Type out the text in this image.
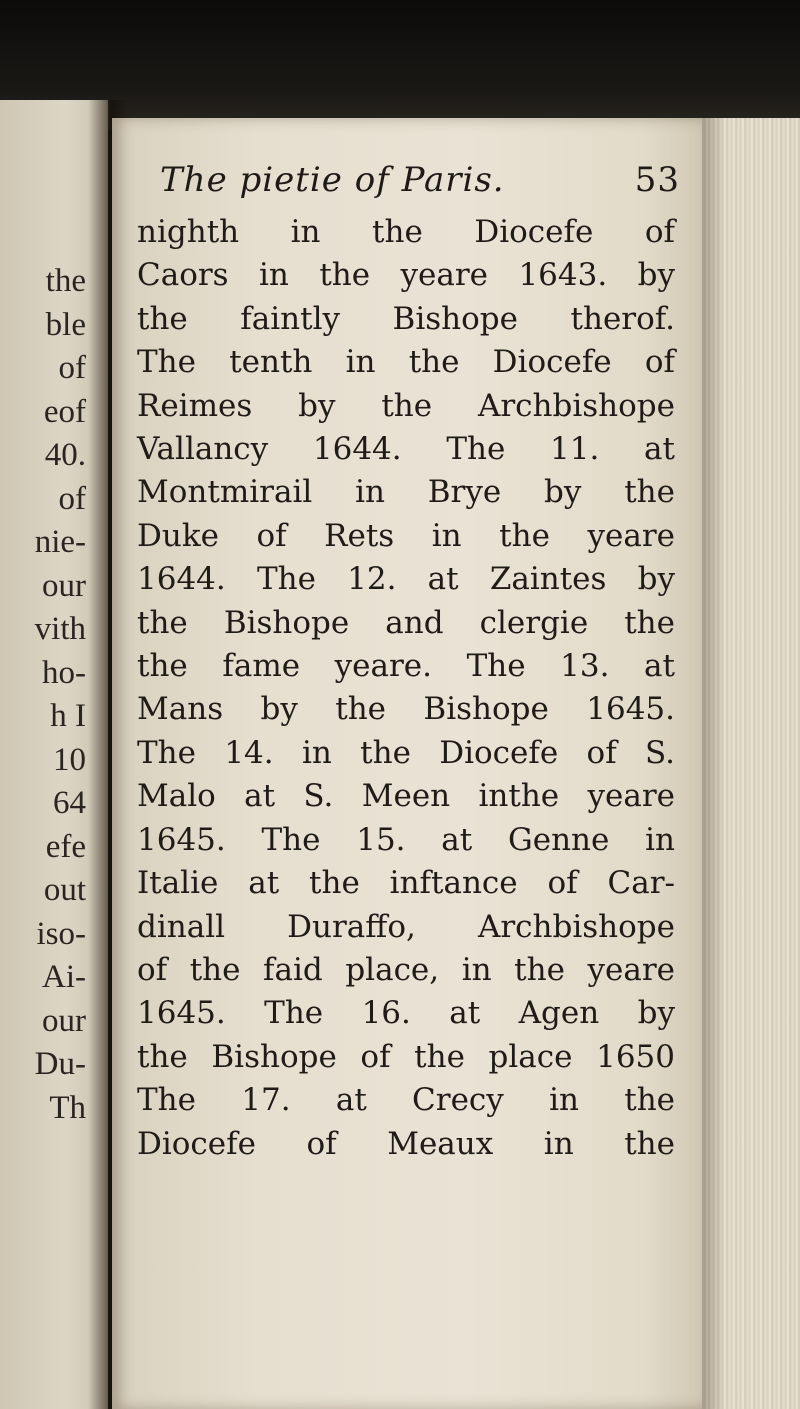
the
ble
of
eof
40.
of
nie-
our
vith
ho-
h I
10
64
efe
out
iso-
Ai-
our
Du-
Th
The pietie of Paris.	53
nighth in the Diocefe of
Caors in the yeare 1643. by
the faintly Bishope therof.
The tenth in the Diocefe of
Reimes by the Archbishope
Vallancy 1644. The 11. at
Montmirail in Brye by the
Duke of Rets in the yeare
1644. The 12. at Zaintes by
the Bishope and clergie the
the fame yeare. The 13. at
Mans by the Bishope 1645.
The 14. in the Diocefe of S.
Malo at S. Meen inthe yeare
1645. The 15. at Genne in
Italie at the inftance of Car-
dinall Duraffo, Archbishope
of the faid place, in the yeare
1645. The 16. at Agen by
the Bishope of the place 1650
The 17. at Crecy in the
Diocefe of Meaux in the
